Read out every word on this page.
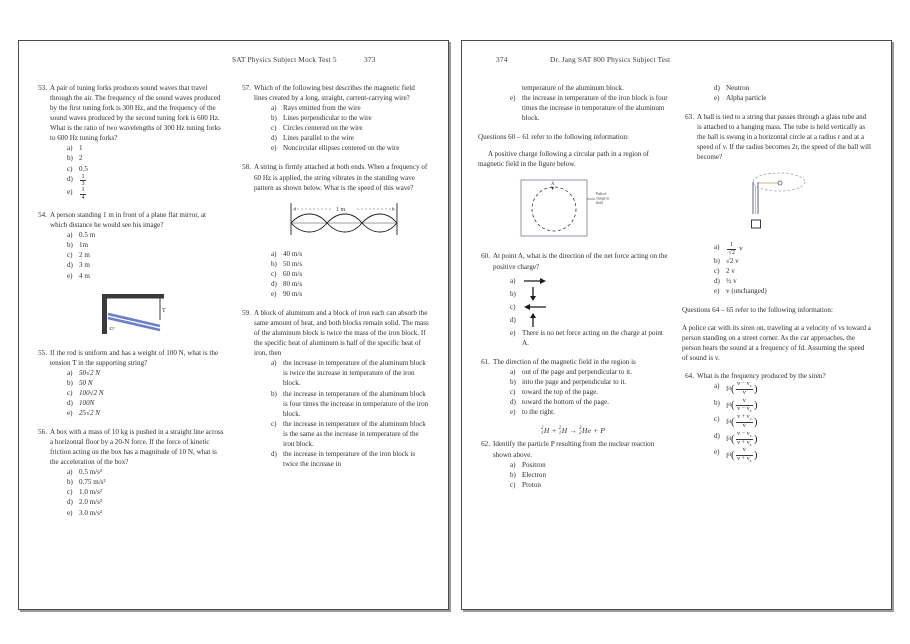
SAT Physics Subject Mock Test 5	373
53. A pair of tuning forks produces sound waves that travel through the air. The frequency of the sound waves produced by the first tuning fork is 300 Hz, and the frequency of the sound waves produced by the second tuning fork is 600 Hz. What is the ratio of two wavelengths of 300 Hz tuning forks to 600 Hz tuning forks?
a) 1
b) 2
c) 0.5
d)	$\frac{1}{3}$
e)	$\frac{1}{4}$
54. A person standing 1 m in front of a plane flat mirror, at which distance he would see his image?
a) 0.5 m
b) 1m
c) 2 m
d) 3 m
e) 4 m
T
45°
55. If the rod is uniform and has a weight of 100 N, what is the tension T in the supporting string?
a) 50√2 N
b) 50 N
c) 100√2 N
d) 100N
e) 25√2 N
56. A box with a mass of 10 kg is pushed in a straight line across a horizontal floor by a 20-N force. If the force of kinetic friction acting on the box has a magnitude of 10 N, what is the acceleration of the box?
a) 0.5 m/s²
b) 0.75 m/s²
c) 1.0 m/s²
d) 2.0 m/s²
e) 3.0 m/s²
57. Which of the following best describes the magnetic field lines created by a long, straight, current-carrying wire?
a) Rays emitted from the wire
b) Lines perpendicular to the wire
c) Circles centered on the wire
d) Lines parallel to the wire
e) Noncircular ellipses centered on the wire
58. A string is firmly attached at both ends. When a frequency of 60 Hz is applied, the string vibrates in the standing wave pattern as shown below. What is the speed of this wave?
1 m
a) 40 m/s
b) 50 m/s
c) 60 m/s
d) 80 m/s
e) 90 m/s
59. A block of aluminum and a block of iron each can absorb the same amount of heat, and both blocks remain solid. The mass of the aluminum block is twice the mass of the iron block. If the specific heat of aluminum is half of the specific heat of iron, then
a) the increase in temperature of the aluminum block is twice the increase in temperature of the iron block.
b) the increase in temperature of the aluminum block is four times the increase in temperature of the iron block.
c) the increase in temperature of the aluminum block is the same as the increase in temperature of the iron block.
d) the increase in temperature of the iron block is twice the increase in
374	Dr. Jang SAT 800 Physics Subject Test
temperature of the aluminum block.
e) the increase in temperature of the iron block is four times the increase in temperature of the aluminum block.
Questions 60 – 61 refer to the following information:
A positive charge following a circular path in a region of magnetic field in the figure below.
A
Path of
charge in
field
60. At point A, what is the direction of the net force acting on the positive charge?
a)
b)
c)
d)
e) There is no net force acting on the charge at point A.
61. The direction of the magnetic field in the region is
a) out of the page and perpendicular to it.
b) into the page and perpendicular to it.
c) toward the top of the page.
d) toward the bottom of the page.
e) to the right.
2
1 H + 2
1 H → 3
2 He + P
62. Identify the particle P resulting from the nuclear reaction shown above.
a) Positron
b) Electron
c) Proton
d) Neutron
e) Alpha particle
63. A ball is tied to a string that passes through a glass tube and is attached to a hanging mass. The tube is held vertically as the ball is swung in a horizontal circle at a radius r and at a speed of v. If the radius becomes 2r, the speed of the ball will become?
a)	$\frac{1}{√2}$ v
b) √2 v
c) 2 v
d) ½ v
e) v (unchanged)
Questions 64 – 65 refer to the following information:
A police car with its siren on, traveling at a velocity of vs toward a person standing on a street corner. As the car approaches, the person hears the sound at a frequency of fd. Assuming the speed of sound is v.
64. What is the frequency produced by the siren?
a) f d ( $\frac{v - v_s}{v}$ )
b) f d ( $\frac{v}{v - v_s}$ )
c) f d ( $\frac{v + v_s}{v}$ )
d) f d ( $\frac{v - v_s}{v + v_s}$ )
e) f d ( $\frac{v}{v + v_s}$ )
